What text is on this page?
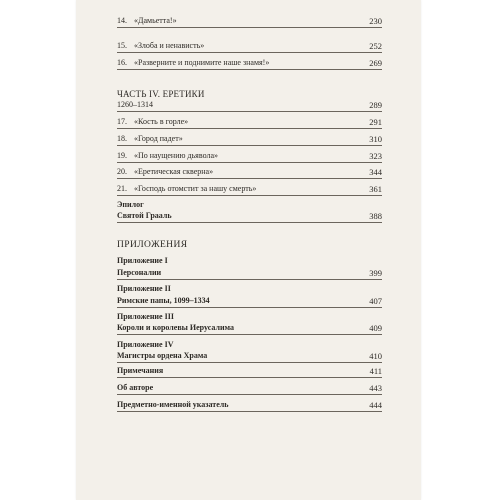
14. «Дамьетта!»	230
15. «Злоба и ненависть»	252
16. «Разверните и поднимите наше знамя!»	269
ЧАСТЬ IV. ЕРЕТИКИ
1260–1314	289
17. «Кость в горле»	291
18. «Город падет»	310
19. «По наущению дьявола»	323
20. «Еретическая скверна»	344
21. «Господь отомстит за нашу смерть»	361
Эпилог
Святой Грааль	388
ПРИЛОЖЕНИЯ
Приложение I
Персоналии	399
Приложение II
Римские папы, 1099–1334	407
Приложение III
Короли и королевы Иерусалима	409
Приложение IV
Магистры ордена Храма	410
Примечания	411
Об авторе	443
Предметно-именной указатель	444
